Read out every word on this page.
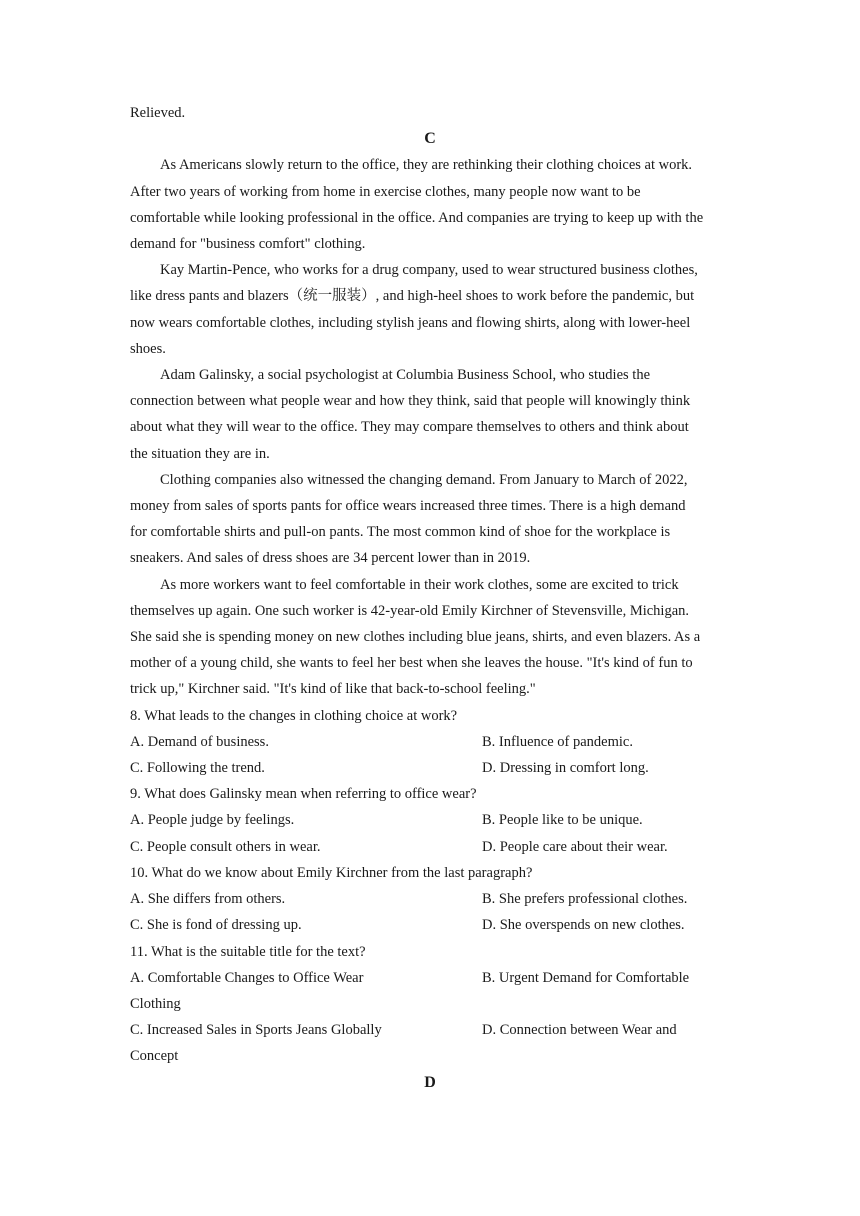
Relieved.
C
As Americans slowly return to the office, they are rethinking their clothing choices at work.
After two years of working from home in exercise clothes, many people now want to be
comfortable while looking professional in the office. And companies are trying to keep up with the
demand for "business comfort" clothing.
Kay Martin-Pence, who works for a drug company, used to wear structured business clothes,
like dress pants and blazers（统一服装）, and high-heel shoes to work before the pandemic, but
now wears comfortable clothes, including stylish jeans and flowing shirts, along with lower-heel
shoes.
Adam Galinsky, a social psychologist at Columbia Business School, who studies the
connection between what people wear and how they think, said that people will knowingly think
about what they will wear to the office. They may compare themselves to others and think about
the situation they are in.
Clothing companies also witnessed the changing demand. From January to March of 2022,
money from sales of sports pants for office wears increased three times. There is a high demand
for comfortable shirts and pull-on pants. The most common kind of shoe for the workplace is
sneakers. And sales of dress shoes are 34 percent lower than in 2019.
As more workers want to feel comfortable in their work clothes, some are excited to trick
themselves up again. One such worker is 42-year-old Emily Kirchner of Stevensville, Michigan.
She said she is spending money on new clothes including blue jeans, shirts, and even blazers. As a
mother of a young child, she wants to feel her best when she leaves the house. "It's kind of fun to
trick up," Kirchner said. "It's kind of like that back-to-school feeling."
8. What leads to the changes in clothing choice at work?
A. Demand of business.	B. Influence of pandemic.
C. Following the trend.	D. Dressing in comfort long.
9. What does Galinsky mean when referring to office wear?
A. People judge by feelings.	B. People like to be unique.
C. People consult others in wear.	D. People care about their wear.
10. What do we know about Emily Kirchner from the last paragraph?
A. She differs from others.	B. She prefers professional clothes.
C. She is fond of dressing up.	D. She overspends on new clothes.
11. What is the suitable title for the text?
A. Comfortable Changes to Office Wear	B. Urgent Demand for Comfortable
Clothing
C. Increased Sales in Sports Jeans Globally	D. Connection between Wear and
Concept
D
